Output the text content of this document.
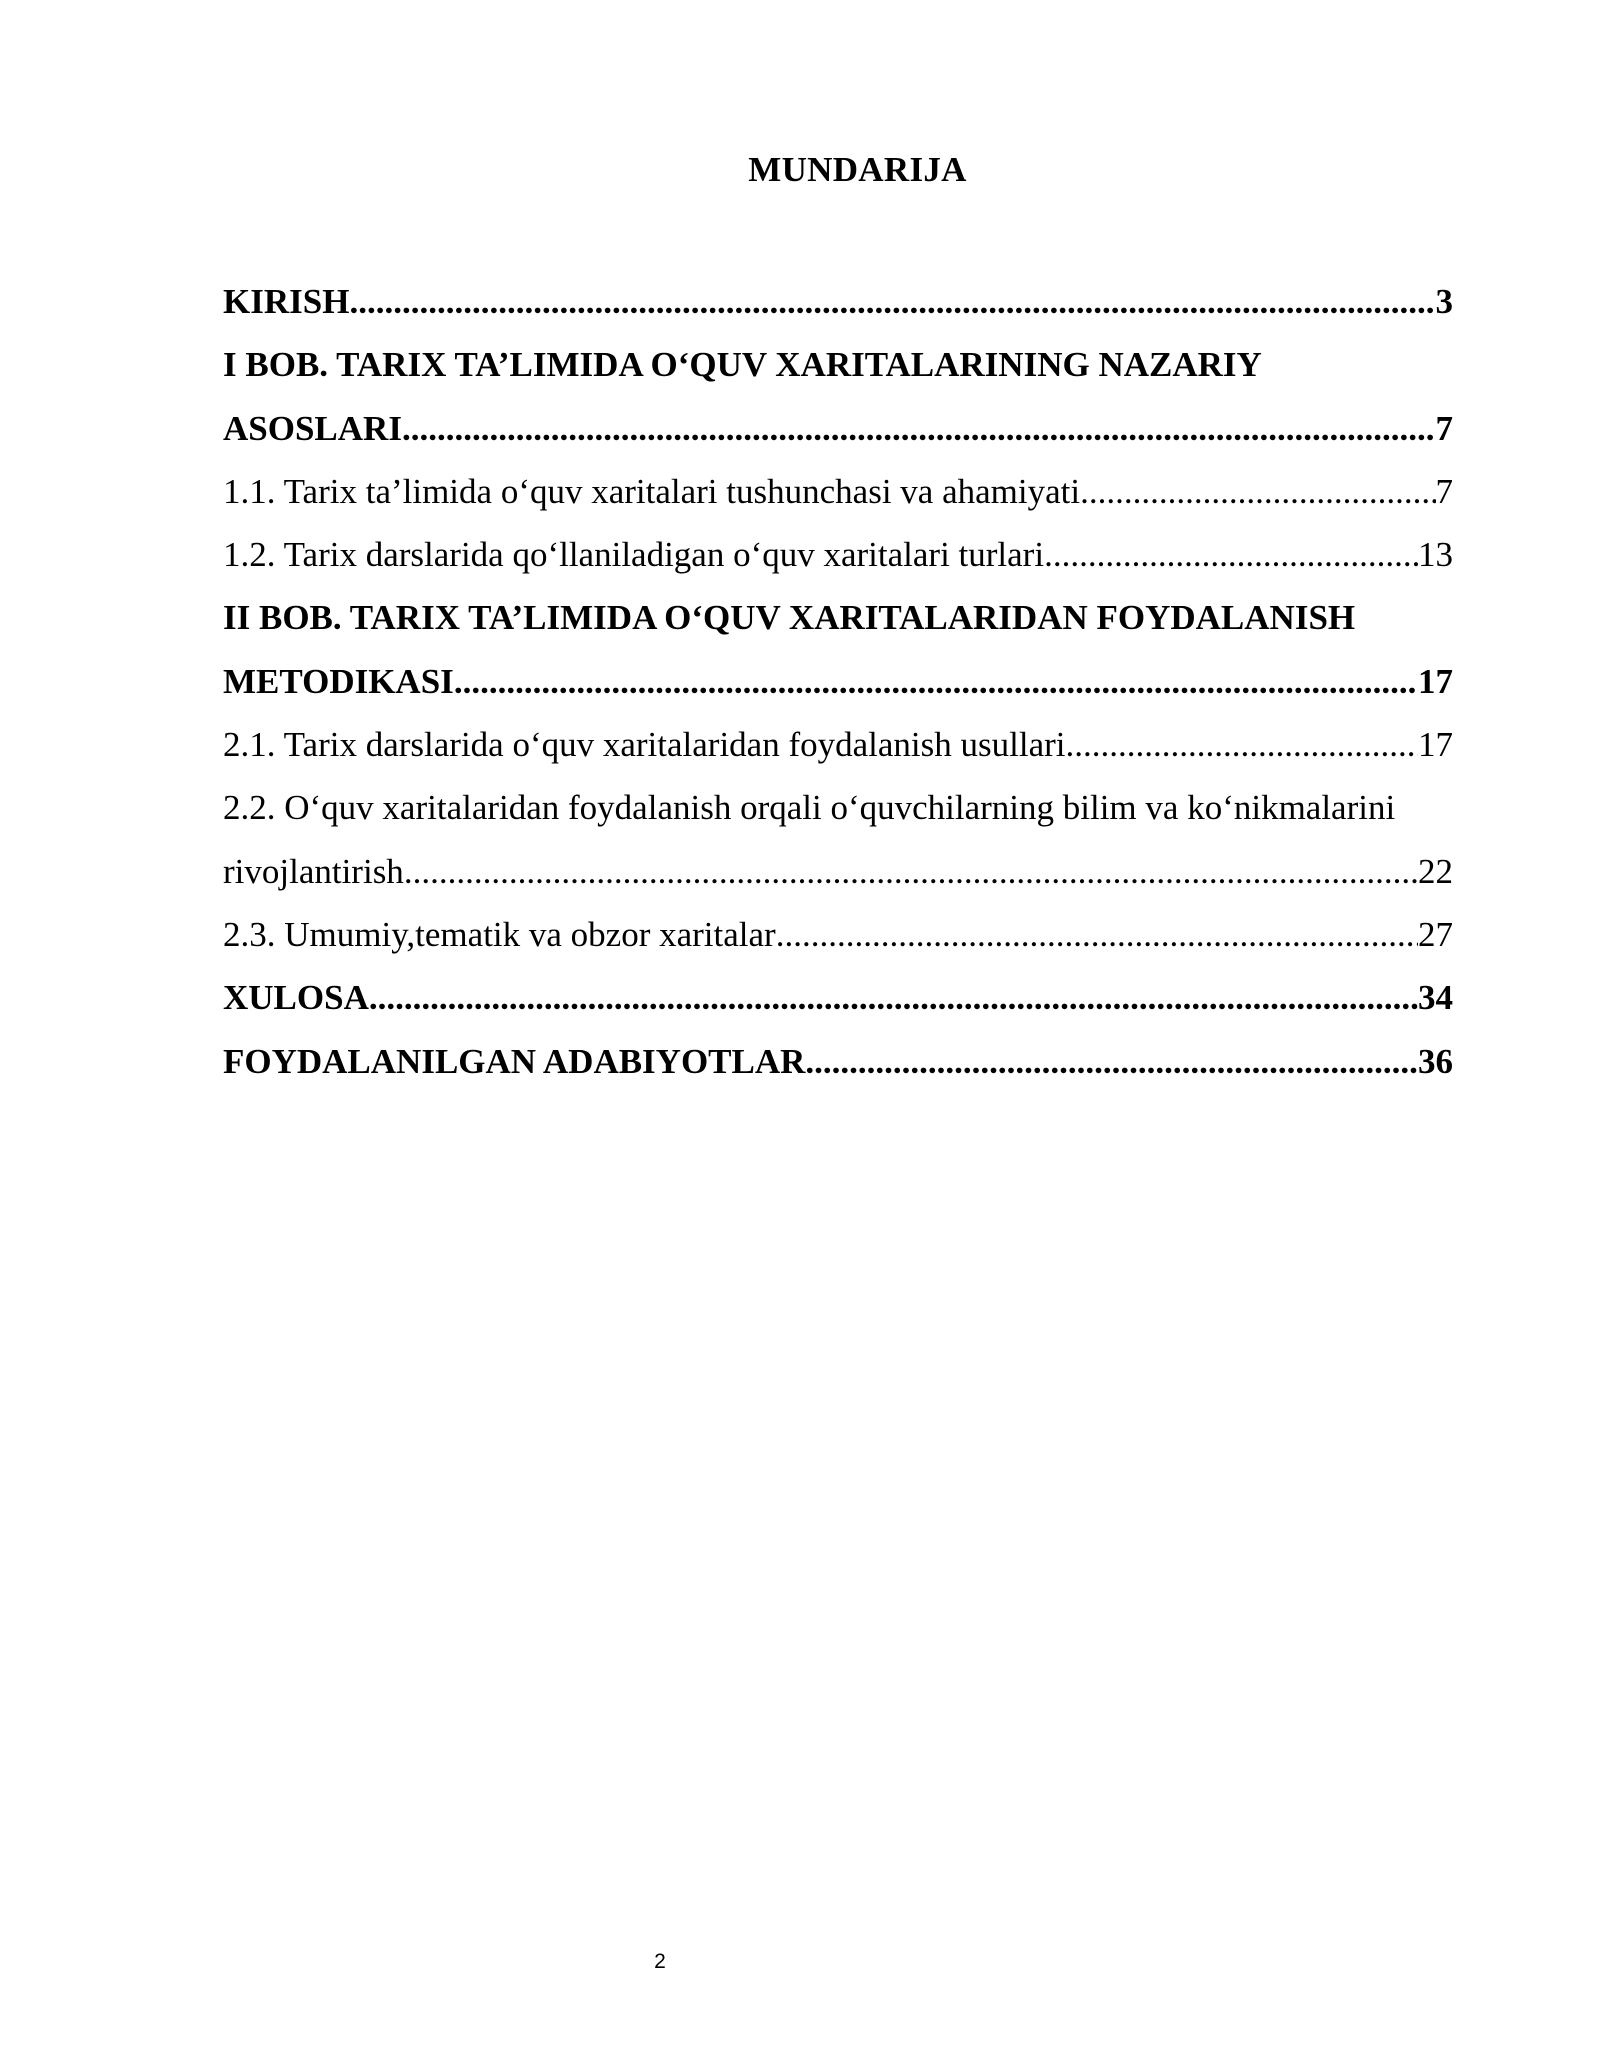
MUNDARIJA
KIRISH .....	3
I BOB. TARIX TA’LIMIDA O‘QUV XARITALARINING NAZARIY
ASOSLARI .....	7
1.1. Tarix ta’limida o‘quv xaritalari tushunchasi va ahamiyati .....	7
1.2. Tarix darslarida qo‘llaniladigan o‘quv xaritalari turlari .....	13
II BOB. TARIX TA’LIMIDA O‘QUV XARITALARIDAN FOYDALANISH
METODIKASI .....	17
2.1. Tarix darslarida o‘quv xaritalaridan foydalanish usullari .....	17
2.2. O‘quv xaritalaridan foydalanish orqali o‘quvchilarning bilim va ko‘nikmalarini
rivojlantirish .....	22
2.3. Umumiy,tematik va obzor xaritalar .....	27
XULOSA .....	34
FOYDALANILGAN ADABIYOTLAR .....	36
2
